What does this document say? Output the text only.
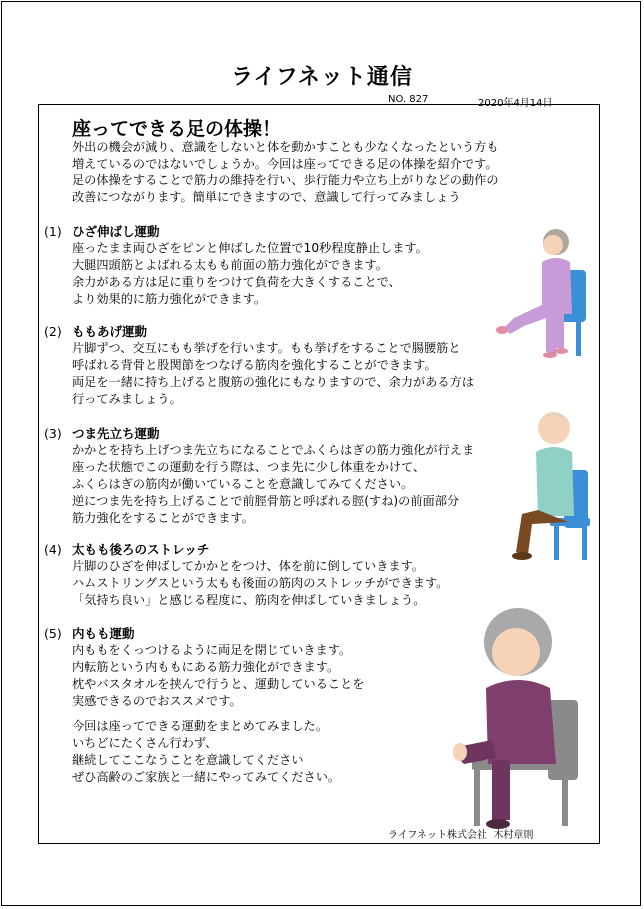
ライフネット通信
NO. 827	2020年4月14日
座ってできる足の体操！
外出の機会が減り、意識をしないと体を動かすことも少なくなったという方も
増えているのではないでしょうか。今回は座ってできる足の体操を紹介です。
足の体操をすることで筋力の維持を行い、歩行能力や立ち上がりなどの動作の
改善につながります。簡単にできますので、意識して行ってみましょう
(1) ひざ伸ばし運動
座ったまま両ひざをピンと伸ばした位置で10秒程度静止します。
大腿四頭筋とよばれる太もも前面の筋力強化ができます。
余力がある方は足に重りをつけて負荷を大きくすることで、
より効果的に筋力強化ができます。
(2) ももあげ運動
片脚ずつ、交互にもも挙げを行います。もも挙げをすることで腸腰筋と
呼ばれる背骨と股関節をつなげる筋肉を強化することができます。
両足を一緒に持ち上げると腹筋の強化にもなりますので、余力がある方は
行ってみましょう。
(3) つま先立ち運動
かかとを持ち上げつま先立ちになることでふくらはぎの筋力強化が行えま
座った状態でこの運動を行う際は、つま先に少し体重をかけて、
ふくらはぎの筋肉が働いていることを意識してみてください。
逆につま先を持ち上げることで前脛骨筋と呼ばれる脛(すね)の前面部分
筋力強化をすることができます。
(4) 太もも後ろのストレッチ
片脚のひざを伸ばしてかかとをつけ、体を前に倒していきます。
ハムストリングスという太もも後面の筋肉のストレッチができます。
「気持ち良い」と感じる程度に、筋肉を伸ばしていきましょう。
(5) 内もも運動
内ももをくっつけるように両足を閉じていきます。
内転筋という内ももにある筋力強化ができます。
枕やバスタオルを挟んで行うと、運動していることを
実感できるのでおススメです。
今回は座ってできる運動をまとめてみました。
いちどにたくさん行わず、
継続してここなうことを意識してください
ぜひ高齢のご家族と一緒にやってみてください。
ライフネット株式会社  木村章則
